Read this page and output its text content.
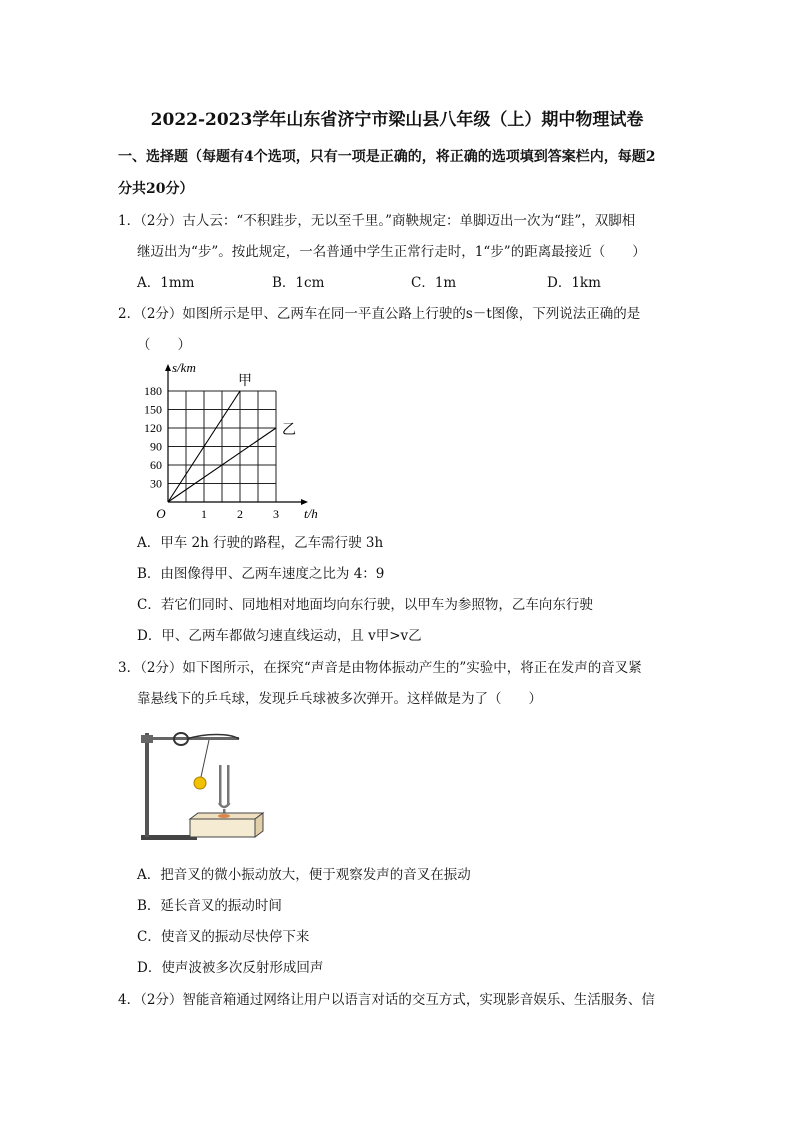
2022-2023学年山东省济宁市梁山县八年级（上）期中物理试卷
一、选择题（每题有4个选项，只有一项是正确的，将正确的选项填到答案栏内，每题2
分共20分）
1．（2分）古人云：“不积跬步，无以至千里。”商鞅规定：单脚迈出一次为“跬”，双脚相
继迈出为“步”。按此规定，一名普通中学生正常行走时，1“步”的距离最接近（　　）
A．1mm	B．1cm	C．1m	D．1km
2．（2分）如图所示是甲、乙两车在同一平直公路上行驶的s－t图像，下列说法正确的是
（　　）
s/km
t/h
O
30
60
90
120
150
180
1	2	3
甲
乙
A．甲车 2h 行驶的路程，乙车需行驶 3h
B．由图像得甲、乙两车速度之比为 4：9
C．若它们同时、同地相对地面均向东行驶，以甲车为参照物，乙车向东行驶
D．甲、乙两车都做匀速直线运动，且 v甲>v乙
3．（2分）如下图所示，在探究“声音是由物体振动产生的”实验中，将正在发声的音叉紧
靠悬线下的乒乓球，发现乒乓球被多次弹开。这样做是为了（　　）
A．把音叉的微小振动放大，便于观察发声的音叉在振动
B．延长音叉的振动时间
C．使音叉的振动尽快停下来
D．使声波被多次反射形成回声
4．（2分）智能音箱通过网络让用户以语言对话的交互方式，实现影音娱乐、生活服务、信
